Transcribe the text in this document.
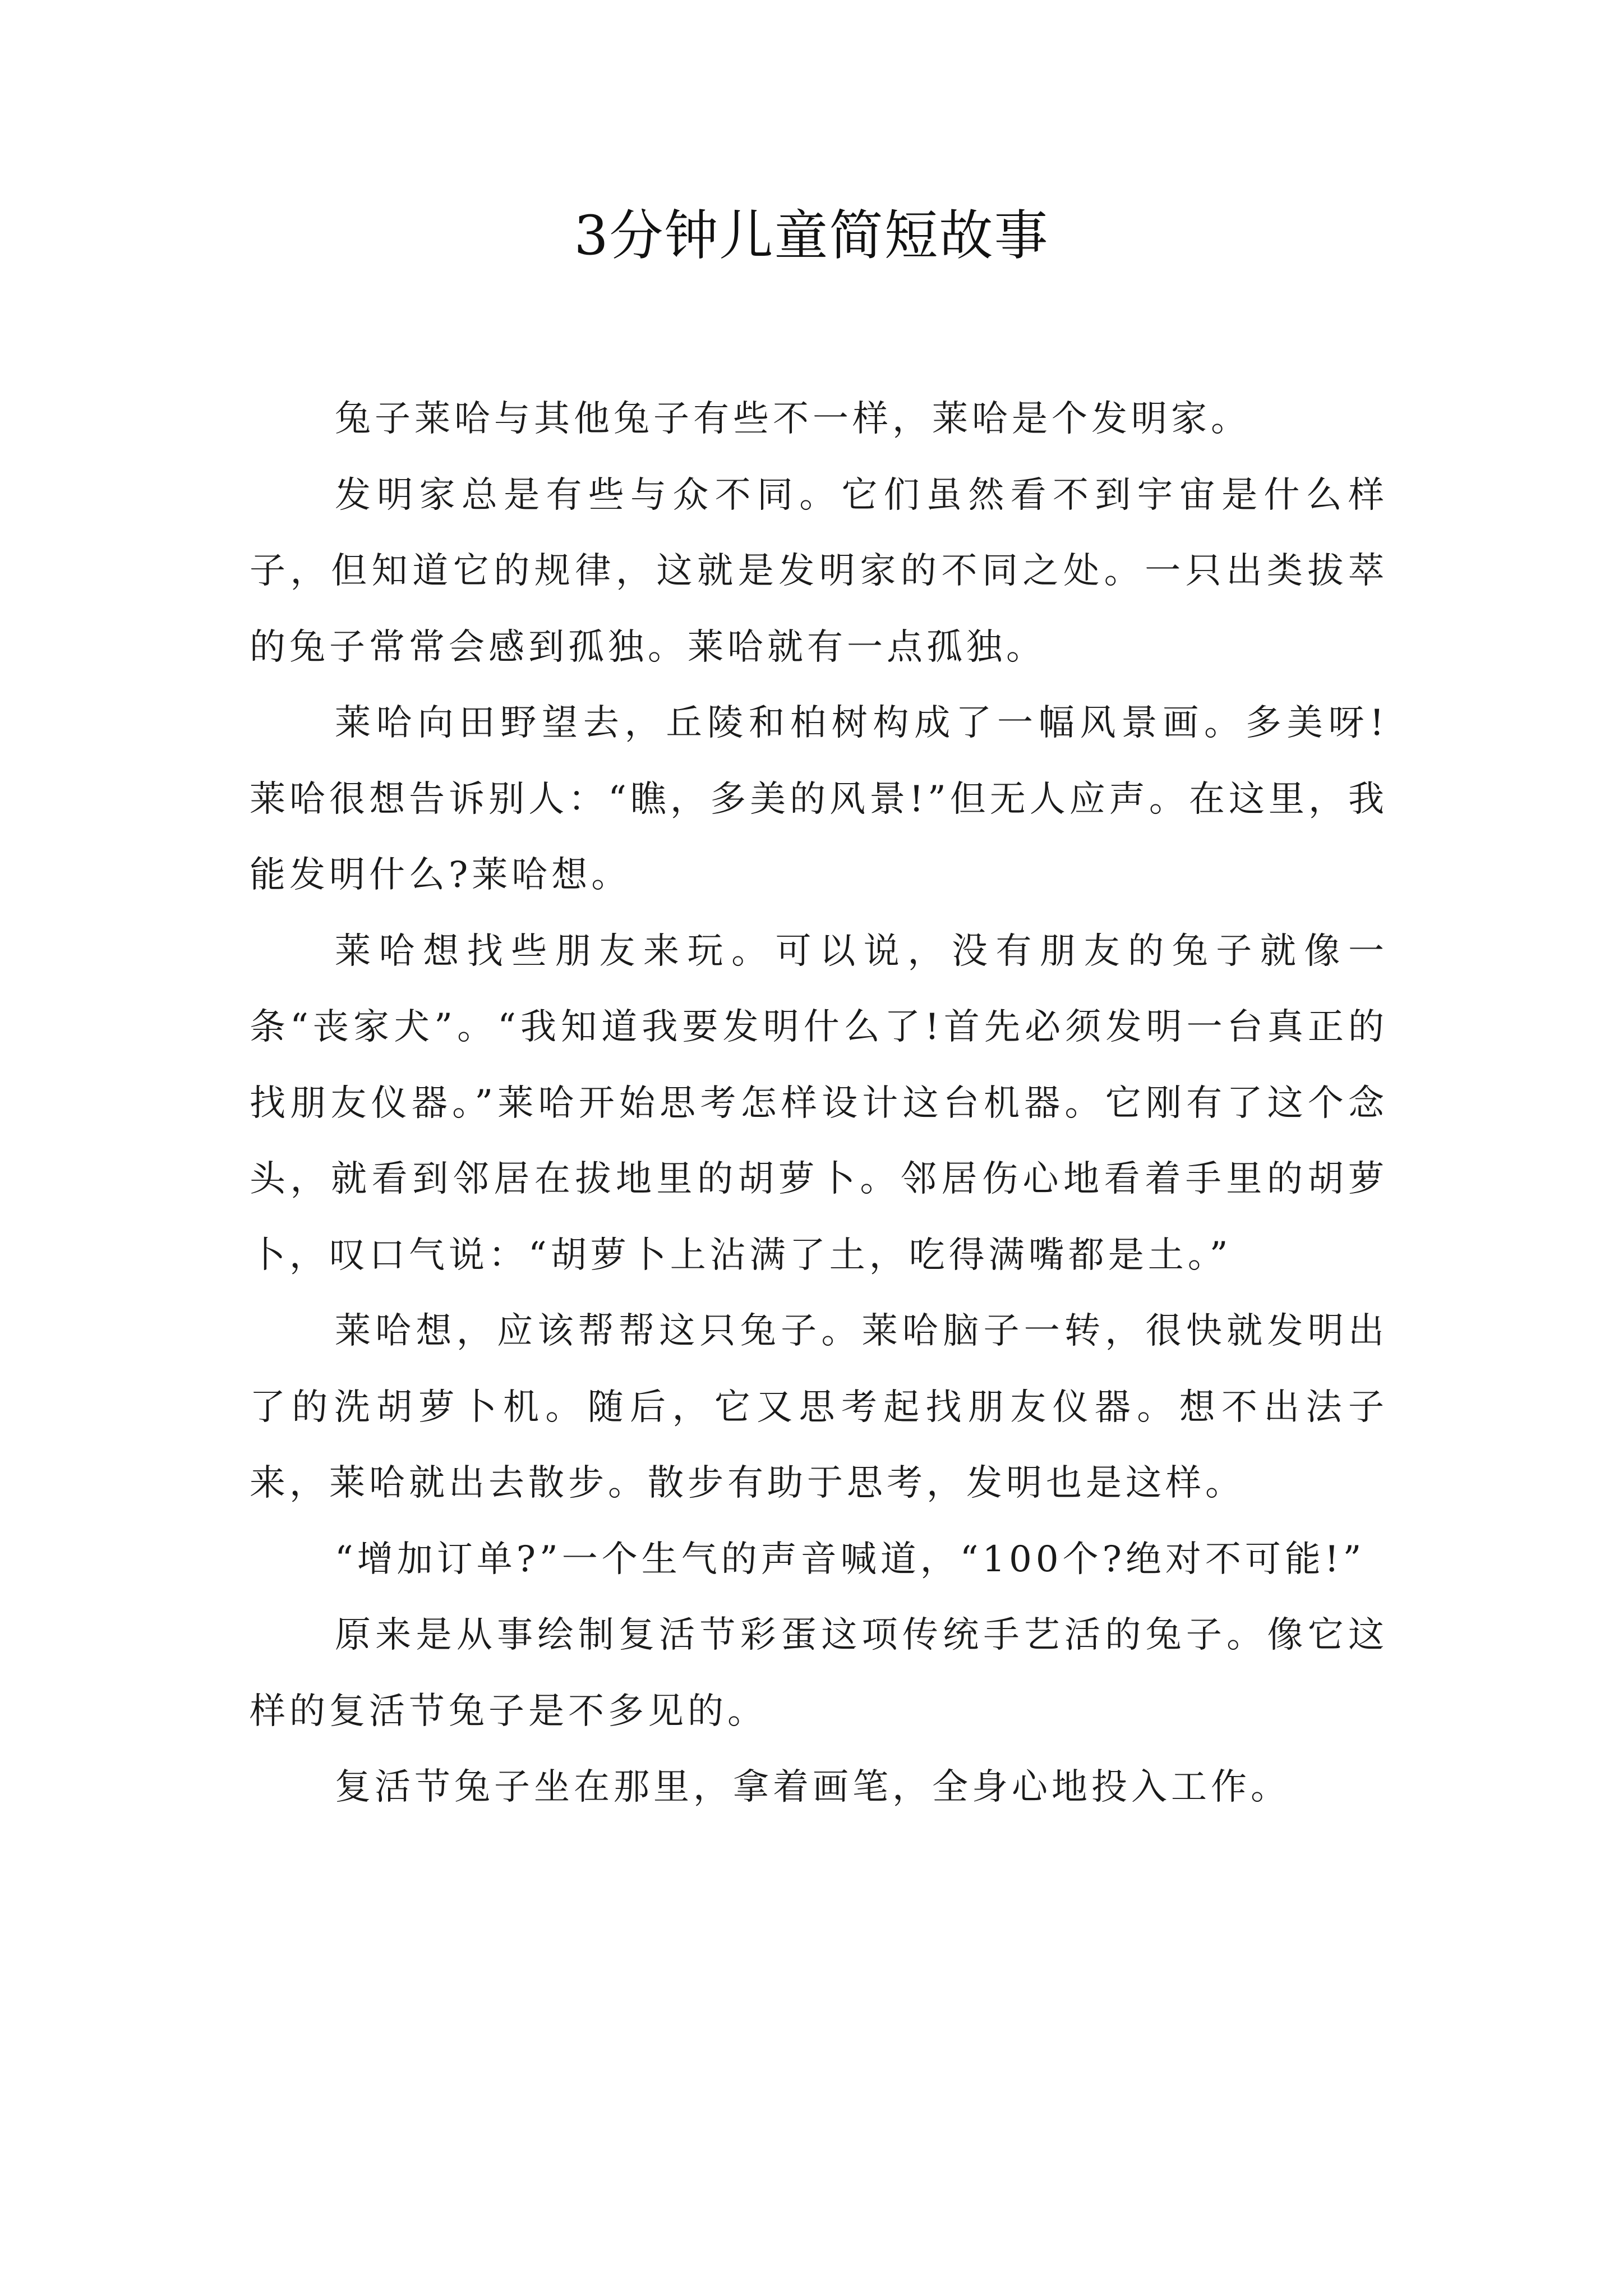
3分钟儿童简短故事

兔子莱哈与其他兔子有些不一样，莱哈是个发明家。

发明家总是有些与众不同。它们虽然看不到宇宙是什么样子，但知道它的规律，这就是发明家的不同之处。一只出类拔萃的兔子常常会感到孤独。莱哈就有一点孤独。

莱哈向田野望去，丘陵和柏树构成了一幅风景画。多美呀!莱哈很想告诉别人：“瞧，多美的风景!”但无人应声。在这里，我能发明什么?莱哈想。

莱哈想找些朋友来玩。可以说，没有朋友的兔子就像一条“丧家犬”。“我知道我要发明什么了!首先必须发明一台真正的找朋友仪器。”莱哈开始思考怎样设计这台机器。它刚有了这个念头，就看到邻居在拔地里的胡萝卜。邻居伤心地看着手里的胡萝卜，叹口气说：“胡萝卜上沾满了土，吃得满嘴都是土。”

莱哈想，应该帮帮这只兔子。莱哈脑子一转，很快就发明出了的洗胡萝卜机。随后，它又思考起找朋友仪器。想不出法子来，莱哈就出去散步。散步有助于思考，发明也是这样。

“增加订单?”一个生气的声音喊道，“100个?绝对不可能!”

原来是从事绘制复活节彩蛋这项传统手艺活的兔子。像它这样的复活节兔子是不多见的。

复活节兔子坐在那里，拿着画笔，全身心地投入工作。
